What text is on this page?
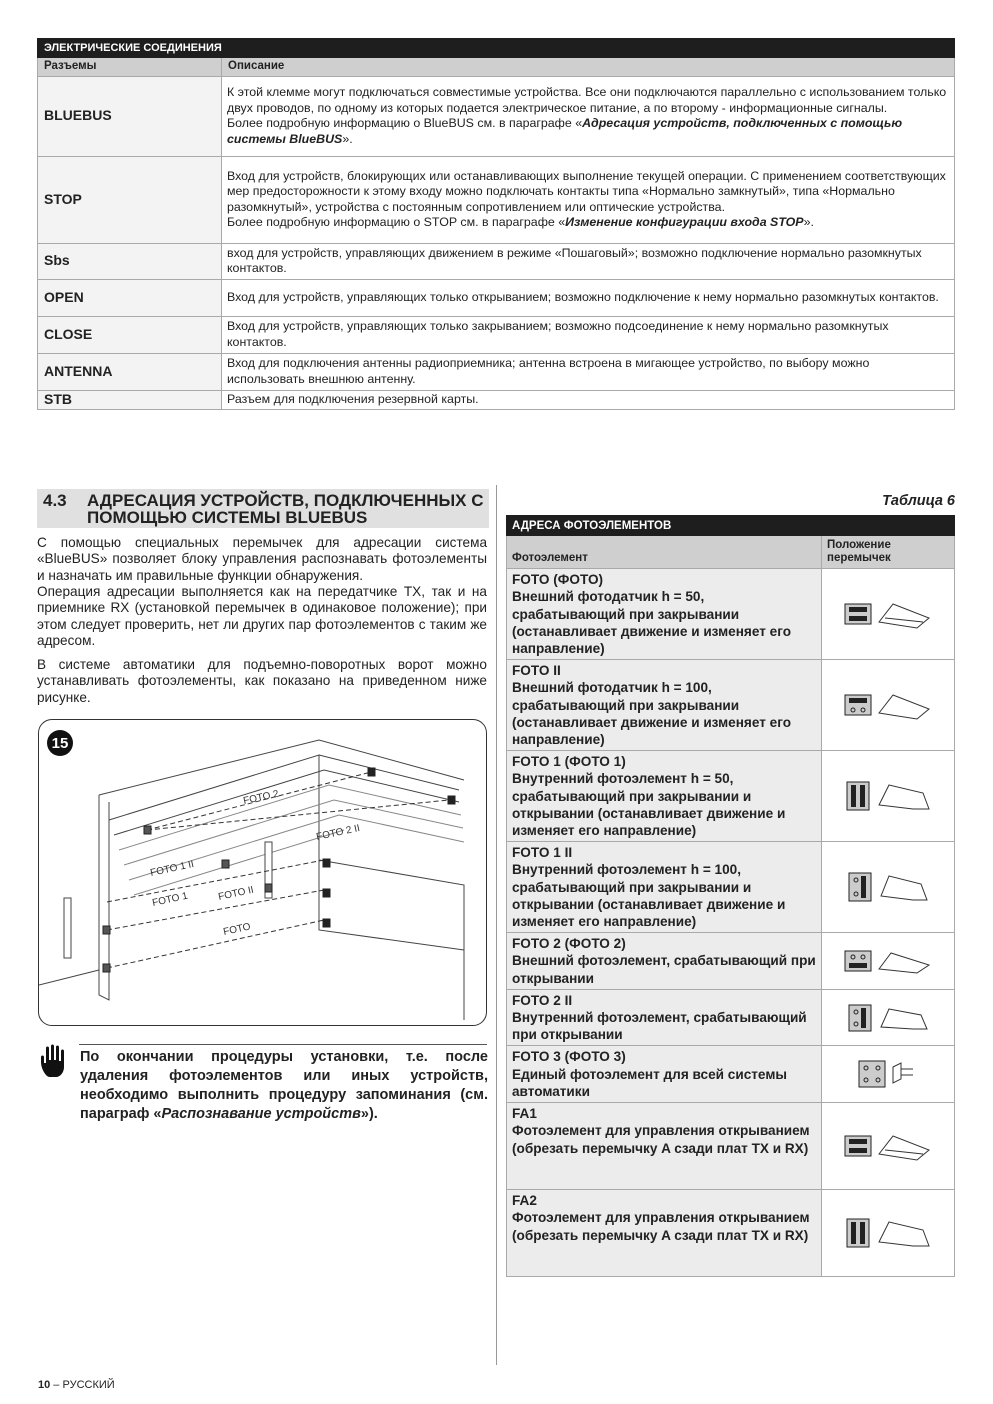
ЭЛЕКТРИЧЕСКИЕ СОЕДИНЕНИЯ	
Разъемы	Описание
BLUEBUS	К этой клемме могут подключаться совместимые устройства. Все они подключаются параллельно с использованием только двух проводов, по одному из которых подается электрическое питание, а по второму - информационные сигналы.
Более подробную информацию о BlueBUS см. в параграфе «Адресация устройств, подключенных с помощью системы BlueBUS».
STOP	Вход для устройств, блокирующих или останавливающих выполнение текущей операции. С применением соответствующих мер предосторожности к этому входу можно подключать контакты типа «Нормально замкнутый», типа «Нормально разомкнутый», устройства с постоянным сопротивлением или оптические устройства.
Более подробную информацию о STOP см. в параграфе «Изменение конфигурации входа STOP».
Sbs	вход для устройств, управляющих движением в режиме «Пошаговый»; возможно подключение нормально разомкнутых контактов.
OPEN	Вход для устройств, управляющих только открыванием; возможно подключение к нему нормально разомкнутых контактов.
CLOSE	Вход для устройств, управляющих только закрыванием; возможно подсоединение к нему нормально разомкнутых контактов.
ANTENNA	Вход для подключения антенны радиоприемника; антенна встроена в мигающее устройство, по выбору можно использовать внешнюю антенну.
STB	Разъем для подключения резервной карты.
4.3	АДРЕСАЦИЯ УСТРОЙСТВ, ПОДКЛЮЧЕННЫХ С ПОМОЩЬЮ СИСТЕМЫ BLUEBUS

С помощью специальных перемычек для адресации система «BlueBUS» позволяет блоку управления распознавать фотоэлементы и назначать им правильные функции обнаружения.

Операция адресации выполняется как на передатчике TX, так и на приемнике RX (установкой перемычек в одинаковое положение); при этом следует проверить, нет ли других пар фотоэлементов с таким же адресом.

В системе автоматики для подъемно-поворотных ворот можно устанавливать фотоэлементы, как показано на приведенном ниже рисунке.

FOTO 2
FOTO 2 II
FOTO 1 II
FOTO 1	FOTO II
FOTO
15

По окончании процедуры установки, т.е. после удаления фотоэлементов или иных устройств, необходимо выполнить процедуру запоминания (см. параграф «Распознавание устройств»).

Таблица 6
АДРЕСА ФОТОЭЛЕМЕНТОВ	
Фотоэлемент	Положение
перемычек
FOTO (ФОТО)
Внешний фотодатчик h = 50, срабатывающий при закрывании (останавливает движение и изменяет его направление)	
FOTO II
Внешний фотодатчик h = 100, срабатывающий при закрывании (останавливает движение и изменяет его направление)	
FOTO 1 (ФОТО 1)
Внутренний фотоэлемент h = 50, срабатывающий при закрывании и открывании (останавливает движение и изменяет его направление)	
FOTO 1 II
Внутренний фотоэлемент h = 100, срабатывающий при закрывании и открывании (останавливает движение и изменяет его направление)	
FOTO 2 (ФОТО 2)
Внешний фотоэлемент, срабатывающий при открывании	
FOTO 2 II
Внутренний фотоэлемент, срабатывающий при открывании	
FOTO 3 (ФОТО 3)
Единый фотоэлемент для всей системы автоматики	
FA1
Фотоэлемент для управления открыванием
(обрезать перемычку A сзади плат TX и RX)	
FA2
Фотоэлемент для управления открыванием
(обрезать перемычку A сзади плат TX и RX)	
10 – РУССКИЙ
